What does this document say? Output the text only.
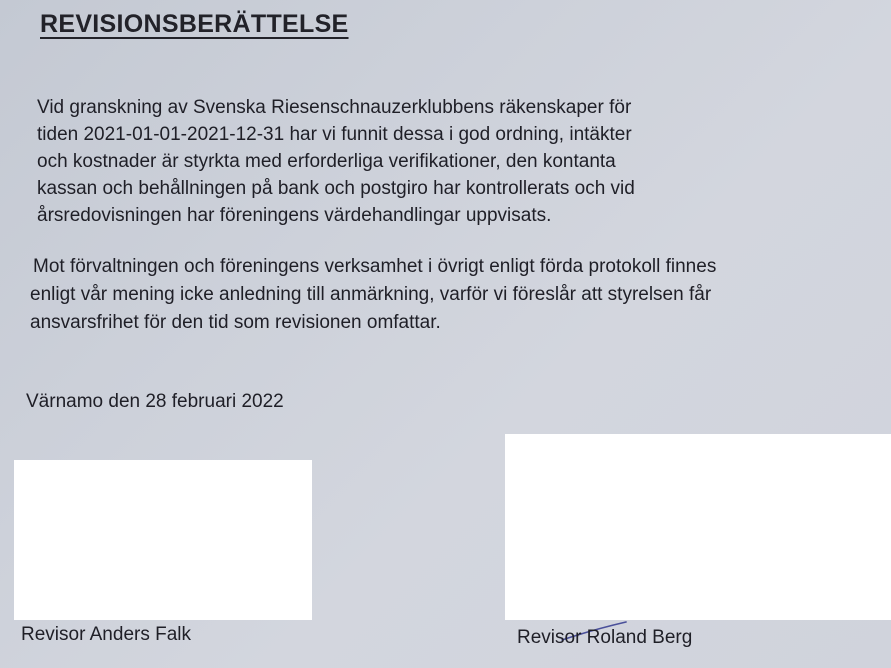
REVISIONSBERÄTTELSE
Vid granskning av Svenska Riesenschnauzerklubbens räkenskaper för
tiden 2021-01-01-2021-12-31 har vi funnit dessa i god ordning, intäkter
och kostnader är styrkta med erforderliga verifikationer, den kontanta
kassan och behållningen på bank och postgiro har kontrollerats och vid
årsredovisningen har föreningens värdehandlingar uppvisats.
Mot förvaltningen och föreningens verksamhet i övrigt enligt förda protokoll finnes
enligt vår mening icke anledning till anmärkning, varför vi föreslår att styrelsen får
ansvarsfrihet för den tid som revisionen omfattar.
Värnamo den 28 februari 2022
Revisor Anders Falk	Revisor Roland Berg
